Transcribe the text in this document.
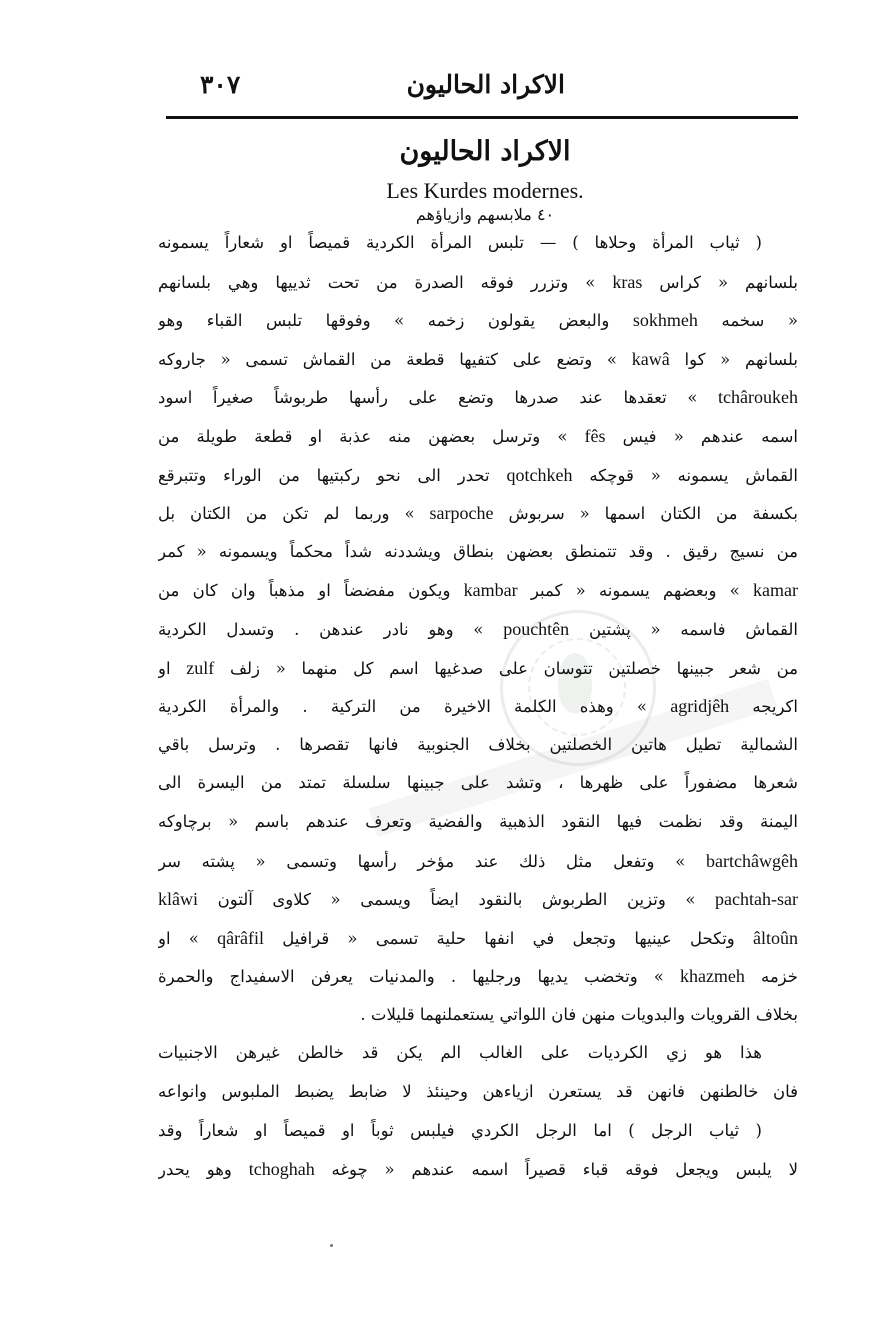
الاكراد الحاليون
٣٠٧
الاكراد الحاليون
Les Kurdes modernes.
٤٠ ملابسهم وازياؤهم
( ثياب المرأة وحلاها ) — تلبس المرأة الكردية قميصاً او شعاراً يسمونه
بلسانهم « كراس kras » وتزرر فوقه الصدرة من تحت ثدييها وهي بلسانهم
« سخمه sokhmeh والبعض يقولون زخمه » وفوقها تلبس القباء وهو
بلسانهم « كوا kawâ » وتضع على كتفيها قطعة من القماش تسمى « جاروكه
tchâroukeh » تعقدها عند صدرها وتضع على رأسها طربوشاً صغيراً اسود
اسمه عندهم « فيس fês » وترسل بعضهن منه عذبة او قطعة طويلة من
القماش يسمونه « قوچكه qotchkeh تحدر الى نحو ركبتيها من الوراء وتتبرقع
بكسفة من الكتان اسمها « سربوش sarpoche » وربما لم تكن من الكتان بل
من نسيج رقيق . وقد تتمنطق بعضهن بنطاق ويشددنه شداً محكماً ويسمونه « كمر
kamar » وبعضهم يسمونه « كمبر kambar ويكون مفضضاً او مذهباً وان كان من
القماش فاسمه « پشتين pouchtên » وهو نادر عندهن . وتسدل الكردية
من شعر جبينها خصلتين تتوسان على صدغيها اسم كل منهما « زلف zulf او
اكريجه agridjêh » وهذه الكلمة الاخيرة من التركية . والمرأة الكردية
الشمالية تطيل هاتين الخصلتين بخلاف الجنوبية فانها تقصرها . وترسل باقي
شعرها مضفوراً على ظهرها ، وتشد على جبينها سلسلة تمتد من اليسرة الى
اليمنة وقد نظمت فيها النقود الذهبية والفضية وتعرف عندهم باسم « برچاوكه
bartchâwgêh » وتفعل مثل ذلك عند مؤخر رأسها وتسمى « پشته سر
pachtah-sar » وتزين الطربوش بالنقود ايضاً ويسمى « كلاوى آلتون klâwi
âltoûn وتكحل عينيها وتجعل في انفها حلية تسمى « قرافيل qârâfil » او
خزمه khazmeh » وتخضب يديها ورجليها . والمدنيات يعرفن الاسفيداج والحمرة
بخلاف القرويات والبدويات منهن فان اللواتي يستعملنهما قليلات .
هذا هو زي الكرديات على الغالب الم يكن قد خالطن غيرهن الاجنبيات
فان خالطنهن فانهن قد يستعرن ازياءهن وحينئذ لا ضابط يضبط الملبوس وانواعه
( ثياب الرجل ) اما الرجل الكردي فيلبس ثوباً او قميصاً او شعاراً وقد
لا يلبس ويجعل فوقه قباء قصيراً اسمه عندهم « چوغه tchoghah وهو يحدر
